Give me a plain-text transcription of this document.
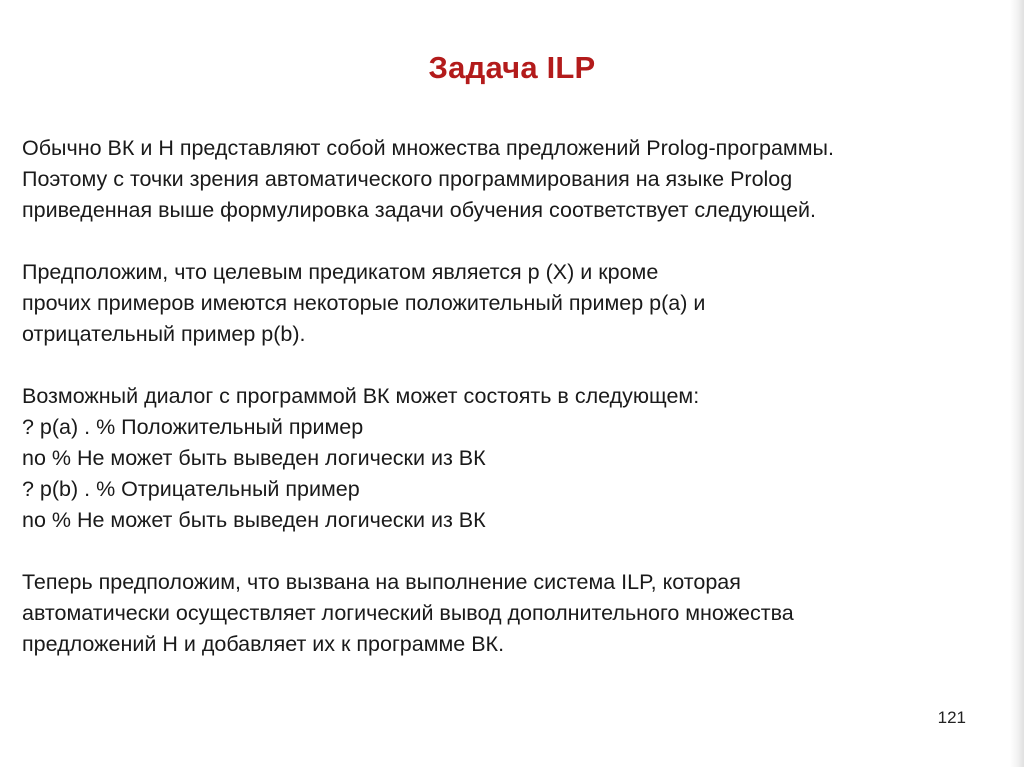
Задача ILP
Обычно ВК и Н представляют собой множества предложений Prolog-программы.
Поэтому с точки зрения автоматического программирования на языке Prolog
приведенная выше формулировка задачи обучения соответствует следующей.
Предположим, что целевым предикатом является р (Х) и кроме
прочих примеров имеются некоторые положительный пример р(а) и
отрицательный пример p(b).
Возможный диалог с программой ВК может состоять в следующем:
? р(а) . % Положительный пример
no % Не может быть выведен логически из ВК
? p(b) . % Отрицательный пример
no % Не может быть выведен логически из ВК
Теперь предположим, что вызвана на выполнение система ILP, которая
автоматически осуществляет логический вывод дополнительного множества
предложений Н и добавляет их к программе ВК.
121
